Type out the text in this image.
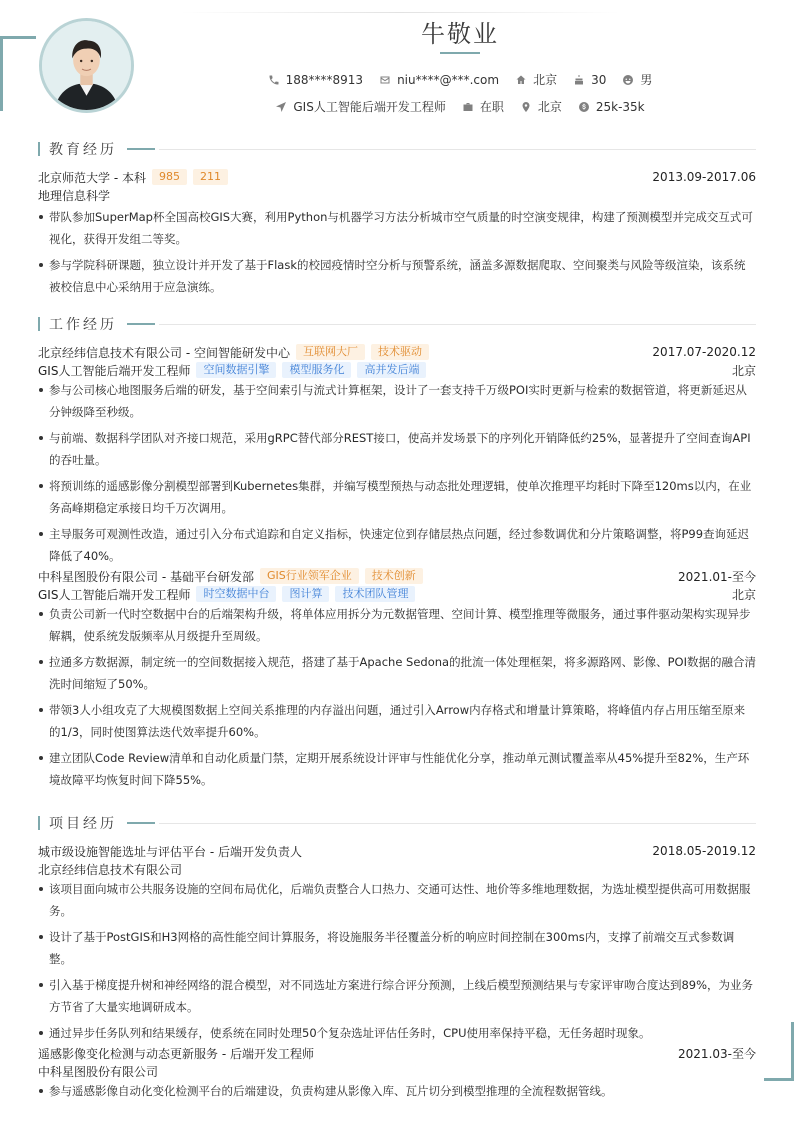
牛敬业
188****8913	niu****@***.com	北京	30	男
GIS人工智能后端开发工程师	在职	北京	25k-35k
教育经历
北京师范大学 - 本科	985	211	2013.09-2017.06
地理信息科学
带队参加SuperMap杯全国高校GIS大赛，利用Python与机器学习方法分析城市空气质量的时空演变规律，构建了预测模型并完成交互式可视化，获得开发组二等奖。
参与学院科研课题，独立设计并开发了基于Flask的校园疫情时空分析与预警系统，涵盖多源数据爬取、空间聚类与风险等级渲染，该系统被校信息中心采纳用于应急演练。
工作经历
北京经纬信息技术有限公司 - 空间智能研发中心	互联网大厂	技术驱动	2017.07-2020.12
GIS人工智能后端开发工程师	空间数据引擎	模型服务化	高并发后端	北京
参与公司核心地图服务后端的研发，基于空间索引与流式计算框架，设计了一套支持千万级POI实时更新与检索的数据管道，将更新延迟从分钟级降至秒级。
与前端、数据科学团队对齐接口规范，采用gRPC替代部分REST接口，使高并发场景下的序列化开销降低约25%，显著提升了空间查询API的吞吐量。
将预训练的遥感影像分割模型部署到Kubernetes集群，并编写模型预热与动态批处理逻辑，使单次推理平均耗时下降至120ms以内，在业务高峰期稳定承接日均千万次调用。
主导服务可观测性改造，通过引入分布式追踪和自定义指标，快速定位到存储层热点问题，经过参数调优和分片策略调整，将P99查询延迟降低了40%。
中科星图股份有限公司 - 基础平台研发部	GIS行业领军企业	技术创新	2021.01-至今
GIS人工智能后端开发工程师	时空数据中台	图计算	技术团队管理	北京
负责公司新一代时空数据中台的后端架构升级，将单体应用拆分为元数据管理、空间计算、模型推理等微服务，通过事件驱动架构实现异步解耦，使系统发版频率从月级提升至周级。
拉通多方数据源，制定统一的空间数据接入规范，搭建了基于Apache Sedona的批流一体处理框架，将多源路网、影像、POI数据的融合清洗时间缩短了50%。
带领3人小组攻克了大规模图数据上空间关系推理的内存溢出问题，通过引入Arrow内存格式和增量计算策略，将峰值内存占用压缩至原来的1/3，同时使图算法迭代效率提升60%。
建立团队Code Review清单和自动化质量门禁，定期开展系统设计评审与性能优化分享，推动单元测试覆盖率从45%提升至82%，生产环境故障平均恢复时间下降55%。
项目经历
城市级设施智能选址与评估平台 - 后端开发负责人	2018.05-2019.12
北京经纬信息技术有限公司
该项目面向城市公共服务设施的空间布局优化，后端负责整合人口热力、交通可达性、地价等多维地理数据，为选址模型提供高可用数据服务。
设计了基于PostGIS和H3网格的高性能空间计算服务，将设施服务半径覆盖分析的响应时间控制在300ms内，支撑了前端交互式参数调整。
引入基于梯度提升树和神经网络的混合模型，对不同选址方案进行综合评分预测，上线后模型预测结果与专家评审吻合度达到89%，为业务方节省了大量实地调研成本。
通过异步任务队列和结果缓存，使系统在同时处理50个复杂选址评估任务时，CPU使用率保持平稳，无任务超时现象。
遥感影像变化检测与动态更新服务 - 后端开发工程师	2021.03-至今
中科星图股份有限公司
参与遥感影像自动化变化检测平台的后端建设，负责构建从影像入库、瓦片切分到模型推理的全流程数据管线。
